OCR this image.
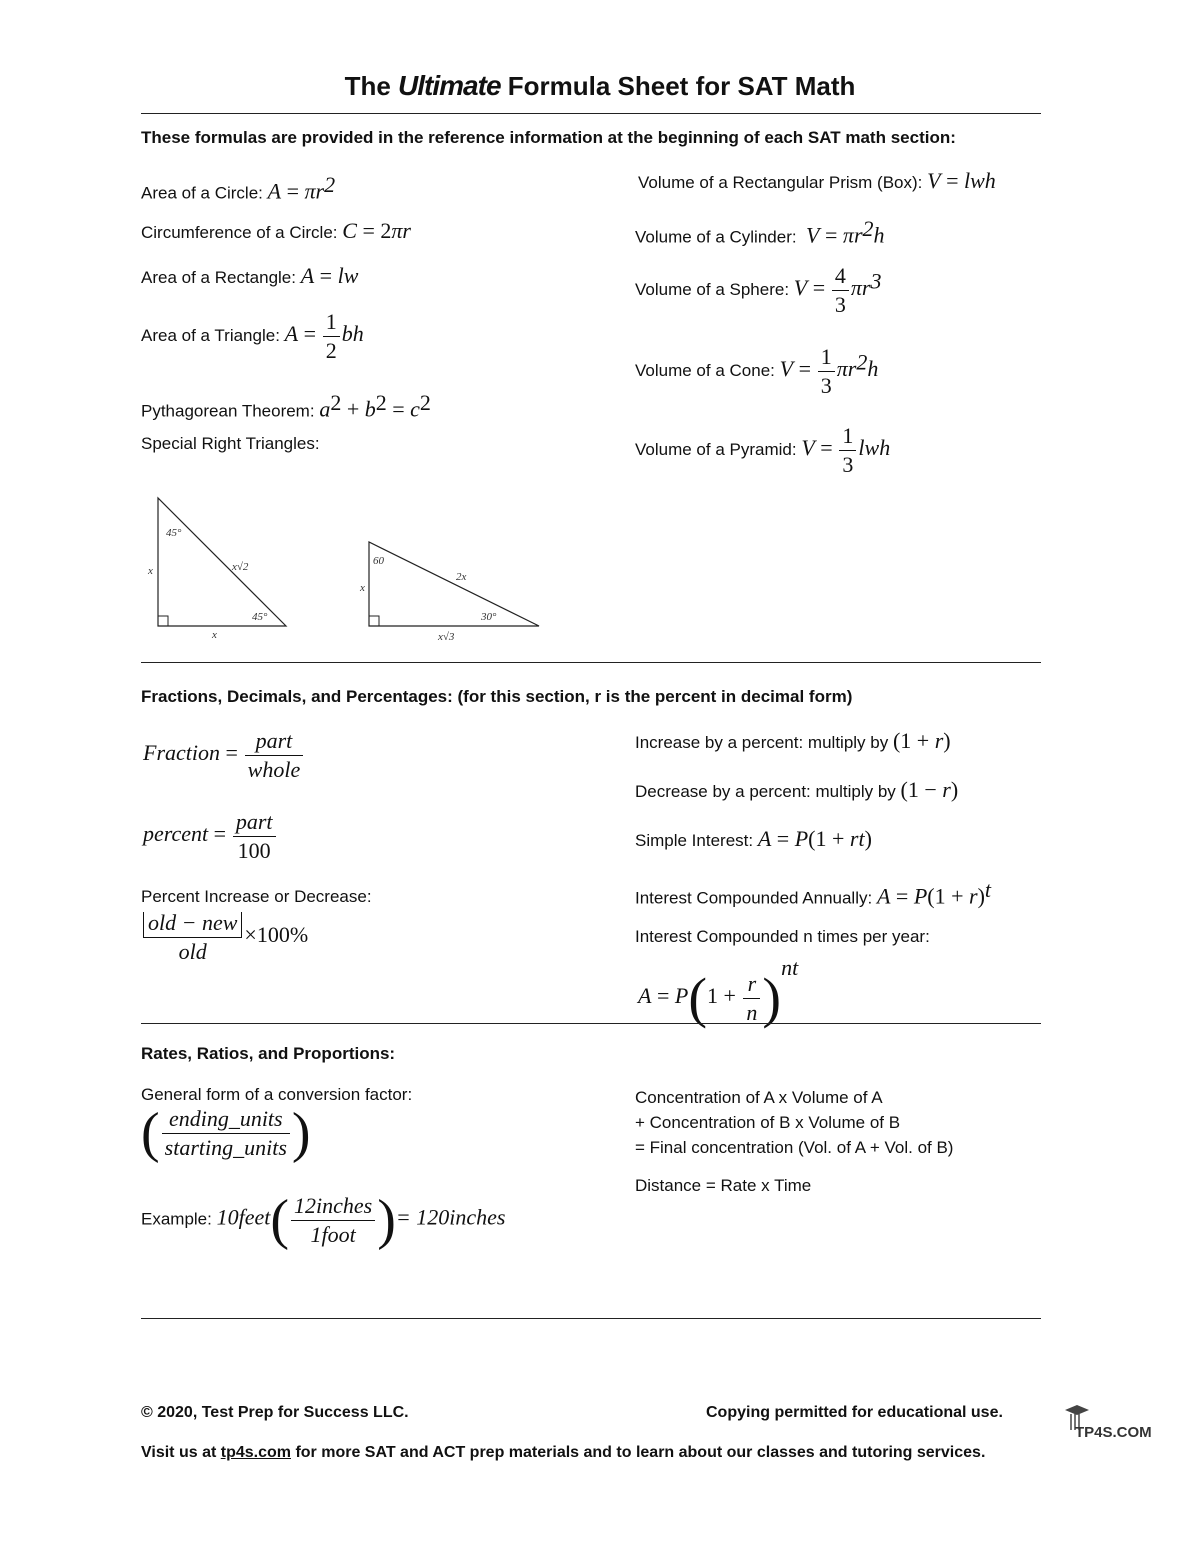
The Ultimate Formula Sheet for SAT Math
These formulas are provided in the reference information at the beginning of each SAT math section:
Area of a Circle: $A = \pi r^2$
Circumference of a Circle: C = 2πr
Area of a Rectangle: A = lw
Area of a Triangle: $A = \frac{1}{2}$ bh
Pythagorean Theorem: $a^2 + b^2 = c^2$
Special Right Triangles:
Volume of a Rectangular Prism (Box): V = lwh
Volume of a Cylinder: $V = \pi r^2h$
Volume of a Sphere: $V = \frac{4}{3} \pi r^3$
Volume of a Cone: $V = \frac{1}{3} \pi r^2h$
Volume of a Pyramid: $V = \frac{1}{3}$ lwh
45°
45°
x√2
x
x
60
30°
2x
x
x√3
Fractions, Decimals, and Percentages: (for this section, r is the percent in decimal form)
Fraction = $\frac{\text{part}}{\text{whole}}$
percent = $\frac{\text{part}}{100}$
Percent Increase or Decrease:
$\frac{\text{old − new}}{\text{old}} \times 100\%$
Increase by a percent: multiply by (1 + r)
Decrease by a percent: multiply by (1 − r)
Simple Interest: A = P(1 + rt)
Interest Compounded Annually: $A = P(1 + r)^t$
Interest Compounded n times per year:
$A = P(1 + \frac{r}{n} )^{nt}$
Rates, Ratios, and Proportions:
General form of a conversion factor:
( $\frac{\text{ending\_units}}{\text{starting\_units}}$ )
Example: 10feet( $\frac{\text{12inches}}{\text{1foot}}$ )= 120inches
Concentration of A x Volume of A
+ Concentration of B x Volume of B
= Final concentration (Vol. of A + Vol. of B)
Distance = Rate x Time
© 2020, Test Prep for Success LLC.	Copying permitted for educational use.
Visit us at tp4s.com for more SAT and ACT prep materials and to learn about our classes and tutoring services.
TP4S.COM
